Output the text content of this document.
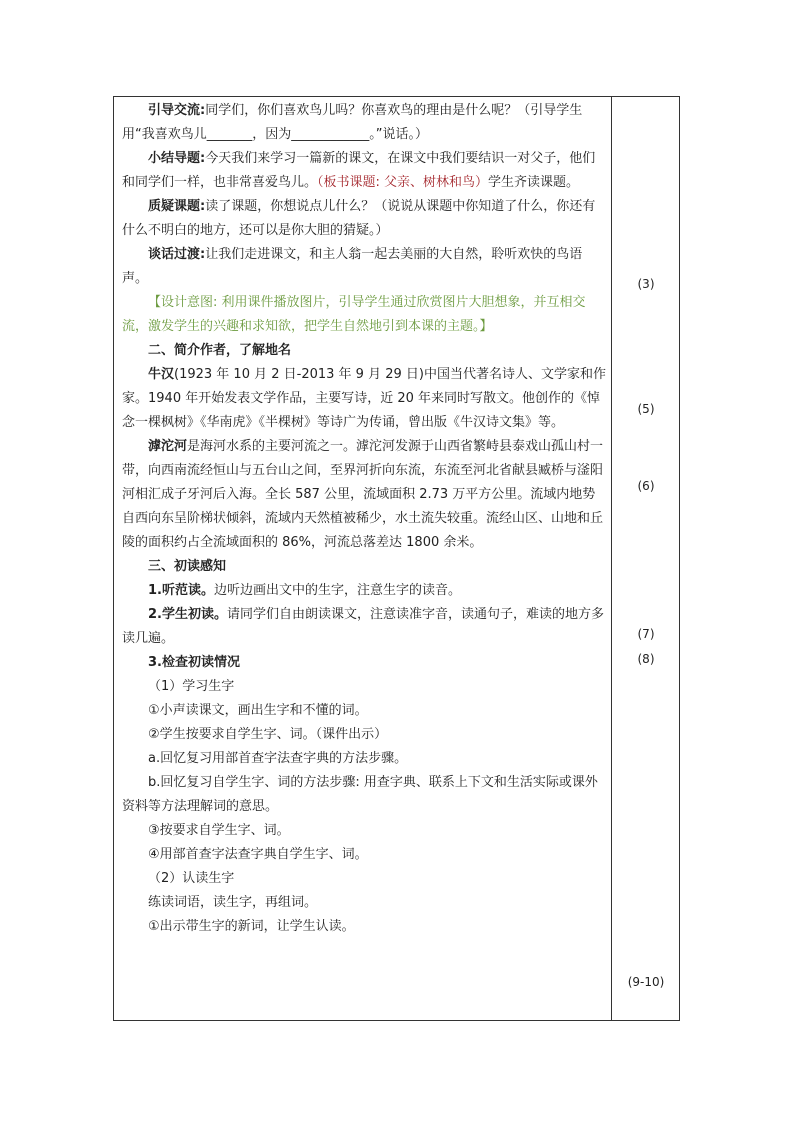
引导交流:同学们，你们喜欢鸟儿吗？你喜欢鸟的理由是什么呢？（引导学生用“我喜欢鸟儿_______，因为____________。”说话。）

小结导题:今天我们来学习一篇新的课文，在课文中我们要结识一对父子，他们和同学们一样，也非常喜爱鸟儿。（板书课题: 父亲、树林和鸟）学生齐读课题。

质疑课题:读了课题，你想说点儿什么？（说说从课题中你知道了什么，你还有什么不明白的地方，还可以是你大胆的猜疑。）

谈话过渡:让我们走进课文，和主人翁一起去美丽的大自然，聆听欢快的鸟语声。

【设计意图: 利用课件播放图片，引导学生通过欣赏图片大胆想象，并互相交流，激发学生的兴趣和求知欲，把学生自然地引到本课的主题。】

二、简介作者，了解地名

牛汉(1923 年 10 月 2 日-2013 年 9 月 29 日)中国当代著名诗人、文学家和作家。1940 年开始发表文学作品，主要写诗，近 20 年来同时写散文。他创作的《悼念一棵枫树》《华南虎》《半棵树》等诗广为传诵，曾出版《牛汉诗文集》等。

滹沱河是海河水系的主要河流之一。滹沱河发源于山西省繁峙县泰戏山孤山村一带，向西南流经恒山与五台山之间，至界河折向东流，东流至河北省献县臧桥与滏阳河相汇成子牙河后入海。全长 587 公里，流域面积 2.73 万平方公里。流域内地势自西向东呈阶梯状倾斜，流域内天然植被稀少，水土流失较重。流经山区、山地和丘陵的面积约占全流域面积的 86%，河流总落差达 1800 余米。

三、初读感知

1.听范读。边听边画出文中的生字，注意生字的读音。

2.学生初读。请同学们自由朗读课文，注意读准字音，读通句子，难读的地方多读几遍。

3.检查初读情况

（1）学习生字

①小声读课文，画出生字和不懂的词。

②学生按要求自学生字、词。（课件出示）

a.回忆复习用部首查字法查字典的方法步骤。

b.回忆复习自学生字、词的方法步骤: 用查字典、联系上下文和生活实际或课外资料等方法理解词的意思。

③按要求自学生字、词。

④用部首查字法查字典自学生字、词。

（2）认读生字

练读词语，读生字，再组词。

①出示带生字的新词，让学生认读。

(3)
(5)
(6)
(7)
(8)
(9-10)
